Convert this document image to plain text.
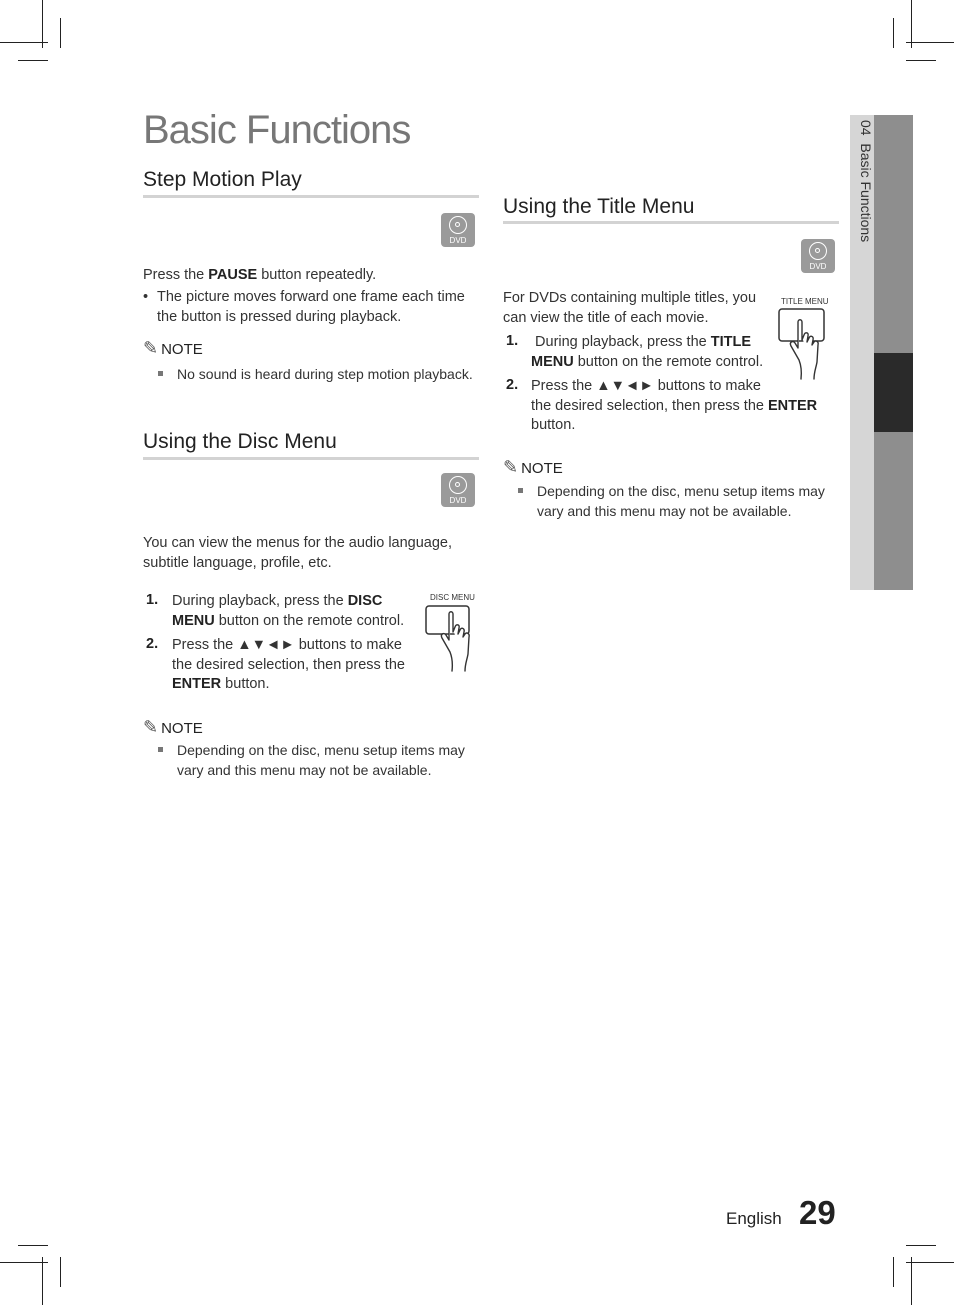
04  Basic Functions
Basic Functions
Step Motion Play
DVD
Press the PAUSE button repeatedly.
• The picture moves forward one frame each time
the button is pressed during playback.
✎ NOTE
No sound is heard during step motion playback.
Using the Disc Menu
DVD
You can view the menus for the audio language,
subtitle language, profile, etc.
1. During playback, press the DISC
MENU button on the remote control.
2. Press the ▲▼◄► buttons to make
the desired selection, then press the
ENTER button.
DISC MENU
✎ NOTE
Depending on the disc, menu setup items may
vary and this menu may not be available.
Using the Title Menu
DVD
For DVDs containing multiple titles, you
can view the title of each movie.
TITLE MENU
1. During playback, press the TITLE
MENU button on the remote control.
2. Press the ▲▼◄► buttons to make
the desired selection, then press the ENTER
button.
✎ NOTE
Depending on the disc, menu setup items may
vary and this menu may not be available.
English 29
